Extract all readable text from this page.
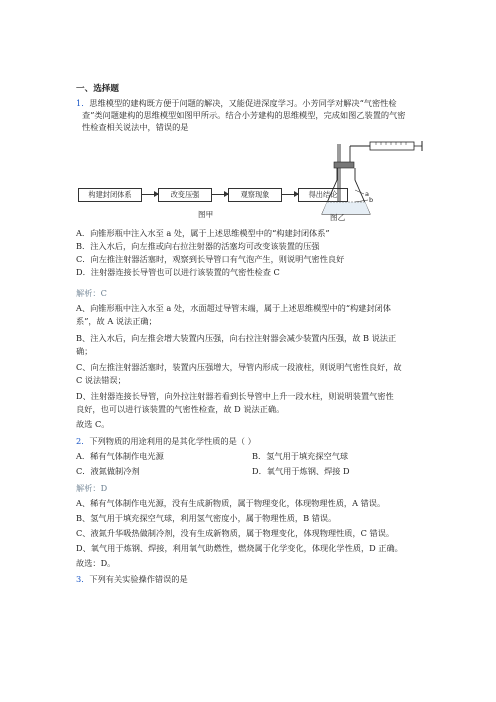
一、选择题
1．思维模型的建构既方便于问题的解决，又能促进深度学习。小芳同学对解决“气密性检
查”类问题建构的思维模型如图甲所示。结合小芳建构的思维模型，完成如图乙装置的气密
性检查相关说法中，错误的是
构建封闭体系	改变压强	观察现象	得出结论
图甲
a
b
图乙
A．向锥形瓶中注入水至 a 处，属于上述思维模型中的“构建封闭体系”
B．注入水后，向左推或向右拉注射器的活塞均可改变该装置的压强
C．向左推注射器活塞时，观察到长导管口有气泡产生，则说明气密性良好
D．注射器连接长导管也可以进行该装置的气密性检查 C
解析：C
A、向锥形瓶中注入水至 a 处，水面超过导管末端，属于上述思维模型中的“构建封闭体
系”，故 A 说法正确；
B、注入水后，向左推会增大装置内压强，向右拉注射器会减少装置内压强，故 B 说法正
确；
C、向左推注射器活塞时，装置内压强增大，导管内形成一段液柱，则说明气密性良好，故
C 说法错误；
D、注射器连接长导管，向外拉注射器若看到长导管中上升一段水柱，则说明装置气密性
良好，也可以进行该装置的气密性检查，故 D 说法正确。
故选 C。
2．下列物质的用途利用的是其化学性质的是（ ）
A．稀有气体制作电光源	B．氢气用于填充探空气球
C．液氮做制冷剂	D．氧气用于炼钢、焊接 D
解析：D
A、稀有气体制作电光源，没有生成新物质，属于物理变化，体现物理性质，A 错误。
B、氢气用于填充探空气球，利用氢气密度小，属于物理性质，B 错误。
C、液氮升华吸热做制冷剂，没有生成新物质，属于物理变化，体现物理性质，C 错误。
D、氧气用于炼钢、焊接，利用氧气助燃性，燃烧属于化学变化，体现化学性质，D 正确。
故选：D。
3．下列有关实验操作错误的是
